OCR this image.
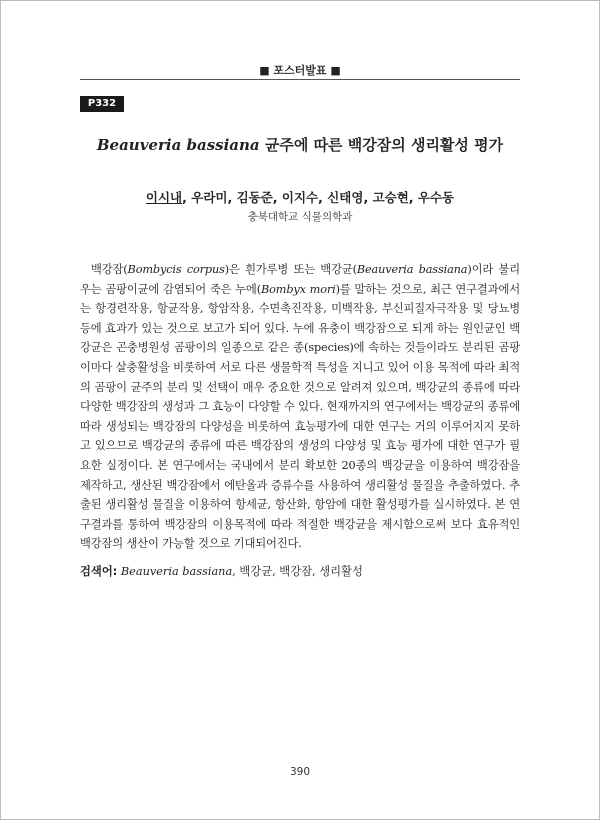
■ 포스터발표 ■
P332
Beauveria bassiana 균주에 따른 백강잠의 생리활성 평가
이시내, 우라미, 김동준, 이지수, 신태영, 고승현, 우수동
충북대학교 식물의학과
백강잠(Bombycis corpus)은 흰가루병 또는 백강균(Beauveria bassiana)이라 불리 우는 곰팡이균에 감염되어 죽은 누에(Bombyx mori)를 말하는 것으로, 최근 연구결과에서는 항경련작용, 항균작용, 항암작용, 수면촉진작용, 미백작용, 부신피질자극작용 및 당뇨병 등에 효과가 있는 것으로 보고가 되어 있다. 누에 유충이 백강잠으로 되게 하는 원인균인 백강균은 곤충병원성 곰팡이의 일종으로 같은 종(species)에 속하는 것들이라도 분리된 곰팡이마다 살충활성을 비롯하여 서로 다른 생물학적 특성을 지니고 있어 이용 목적에 따라 최적의 곰팡이 균주의 분리 및 선택이 매우 중요한 것으로 알려져 있으며, 백강균의 종류에 따라 다양한 백강잠의 생성과 그 효능이 다양할 수 있다. 현재까지의 연구에서는 백강균의 종류에 따라 생성되는 백강잠의 다양성을 비롯하여 효능평가에 대한 연구는 거의 이루어지지 못하고 있으므로 백강균의 종류에 따른 백강잠의 생성의 다양성 및 효능 평가에 대한 연구가 필요한 실정이다. 본 연구에서는 국내에서 분리 확보한 20종의 백강균을 이용하여 백강잠을 제작하고, 생산된 백강잠에서 에탄올과 증류수를 사용하여 생리활성 물질을 추출하였다. 추출된 생리활성 물질을 이용하여 항세균, 항산화, 항암에 대한 활성평가를 실시하였다. 본 연구결과를 통하여 백강잠의 이용목적에 따라 적절한 백강균을 제시함으로써 보다 효유적인 백강잠의 생산이 가능할 것으로 기대되어진다.
검색어: Beauveria bassiana, 백강균, 백강잠, 생리활성
390
